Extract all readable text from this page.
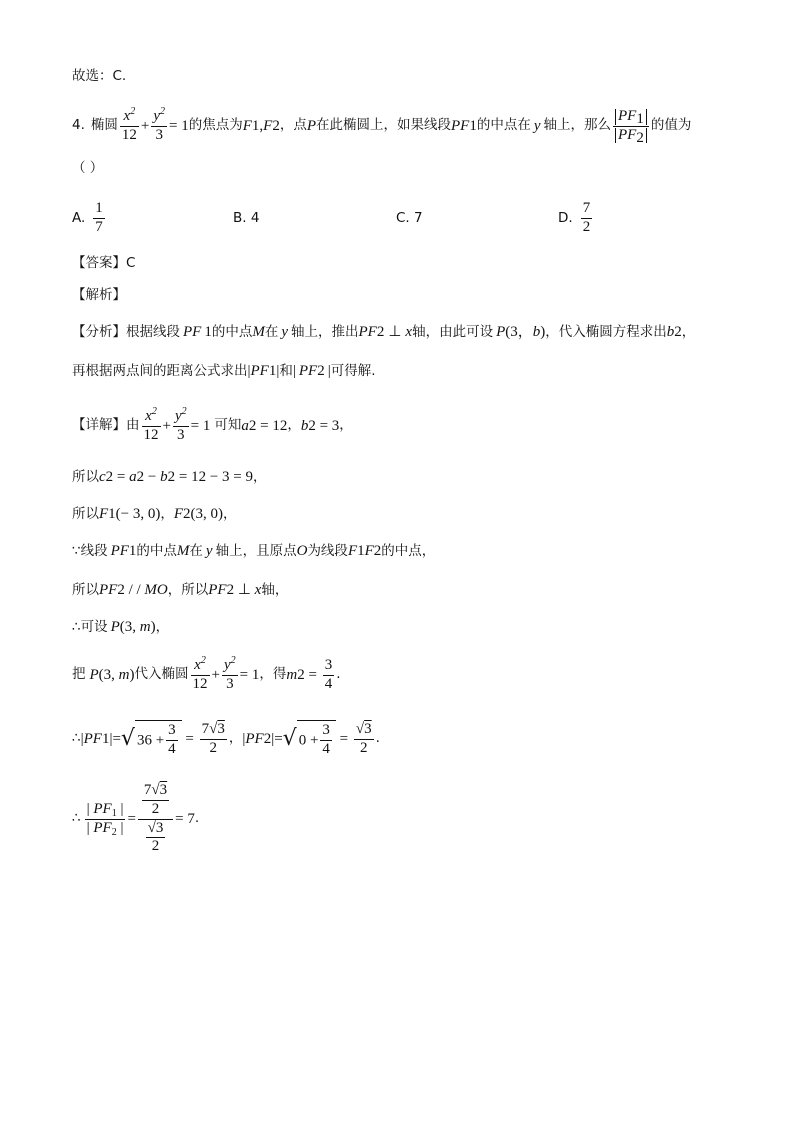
故选：C.
4. 椭圆 $\frac{x^2}{12} + \frac{y^2}{3} = 1$ 的焦点为 F 1 , F 2 ，点 P 在此椭圆上，如果线段 PF 1 的中点在 y 轴上，那么 $\frac{PF_1}{PF_2}$ 的值为
（ ）
A. $\frac{1}{7}$	B. 4	C. 7	D. $\frac{7}{2}$
【答案】C
【解析】
【分析】 根据线段 PF 1 的中点 M 在 y 轴上，推出 PF 2 ⊥ x 轴，由此可设 P (3， b ) ，代入椭圆方程求出 b 2 ，
再根据两点间的距离公式求出 | PF 1 | 和 | PF 2 | 可得解.
【详解】 由 $\frac{x^2}{12} + \frac{y^2}{3} = 1$ 可知 a 2 = 12 ， b 2 = 3 ，
所以 c 2 = a 2 − b 2 = 12 − 3 = 9 ，
所以 F 1 (− 3, 0) ， F 2 (3, 0) ，
∵线段 PF 1 的中点 M 在 y 轴上，且原点 O 为线段 F 1 F 2 的中点，
所以 PF 2 / / MO ，所以 PF 2 ⊥ x 轴，
∴可设 P (3, m ) ，
把 P (3, m ) 代入椭圆 $\frac{x^2}{12} + \frac{y^2}{3} = 1$ ，得 m $2 = \frac{3}{4}$ .
∴ | PF 1 |= √ $36 + \frac{3}{4} = \frac{7√3}{2}$ ， | PF 2 |= √ $0 + \frac{3}{4} = \frac{√3}{2}$ .
∴ $\frac{| PF_1 |}{| PF_2 |} = \frac{\frac{7√3}{2}}{\frac{√3}{2}} = 7$ .
